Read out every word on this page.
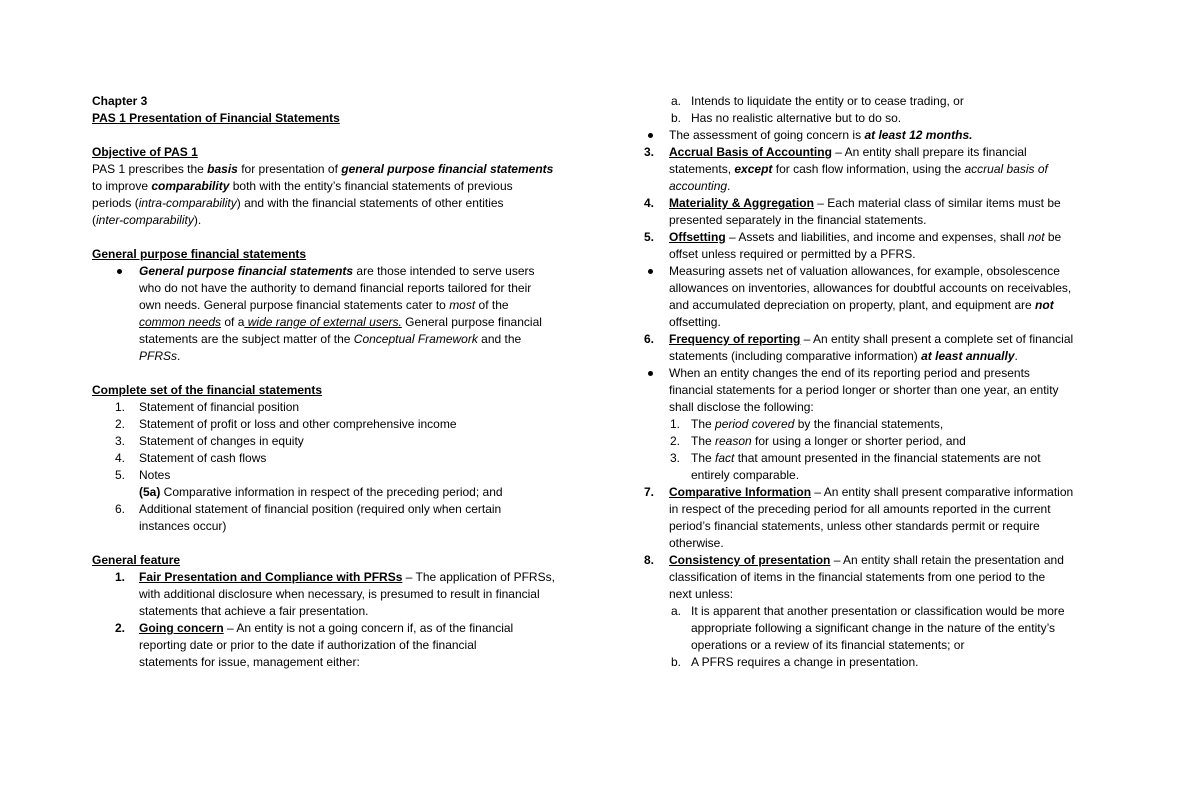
Chapter 3
PAS 1 Presentation of Financial Statements
Objective of PAS 1
PAS 1 prescribes the basis for presentation of general purpose financial statements
to improve comparability both with the entity’s financial statements of previous
periods (intra-comparability) and with the financial statements of other entities
(inter-comparability).
General purpose financial statements
General purpose financial statements are those intended to serve users
who do not have the authority to demand financial reports tailored for their
own needs. General purpose financial statements cater to most of the
common needs of a wide range of external users. General purpose financial
statements are the subject matter of the Conceptual Framework and the
PFRSs.
Complete set of the financial statements
1. Statement of financial position
2. Statement of profit or loss and other comprehensive income
3. Statement of changes in equity
4. Statement of cash flows
5. Notes
(5a) Comparative information in respect of the preceding period; and
6. Additional statement of financial position (required only when certain
instances occur)
General feature
1. Fair Presentation and Compliance with PFRSs – The application of PFRSs,
with additional disclosure when necessary, is presumed to result in financial
statements that achieve a fair presentation.
2. Going concern – An entity is not a going concern if, as of the financial
reporting date or prior to the date if authorization of the financial
statements for issue, management either:
a. Intends to liquidate the entity or to cease trading, or
b. Has no realistic alternative but to do so.
The assessment of going concern is at least 12 months.
3. Accrual Basis of Accounting – An entity shall prepare its financial
statements, except for cash flow information, using the accrual basis of
accounting.
4. Materiality & Aggregation – Each material class of similar items must be
presented separately in the financial statements.
5. Offsetting – Assets and liabilities, and income and expenses, shall not be
offset unless required or permitted by a PFRS.
Measuring assets net of valuation allowances, for example, obsolescence
allowances on inventories, allowances for doubtful accounts on receivables,
and accumulated depreciation on property, plant, and equipment are not
offsetting.
6. Frequency of reporting – An entity shall present a complete set of financial
statements (including comparative information) at least annually.
When an entity changes the end of its reporting period and presents
financial statements for a period longer or shorter than one year, an entity
shall disclose the following:
1. The period covered by the financial statements,
2. The reason for using a longer or shorter period, and
3. The fact that amount presented in the financial statements are not
entirely comparable.
7. Comparative Information – An entity shall present comparative information
in respect of the preceding period for all amounts reported in the current
period’s financial statements, unless other standards permit or require
otherwise.
8. Consistency of presentation – An entity shall retain the presentation and
classification of items in the financial statements from one period to the
next unless:
a. It is apparent that another presentation or classification would be more
appropriate following a significant change in the nature of the entity’s
operations or a review of its financial statements; or
b. A PFRS requires a change in presentation.
